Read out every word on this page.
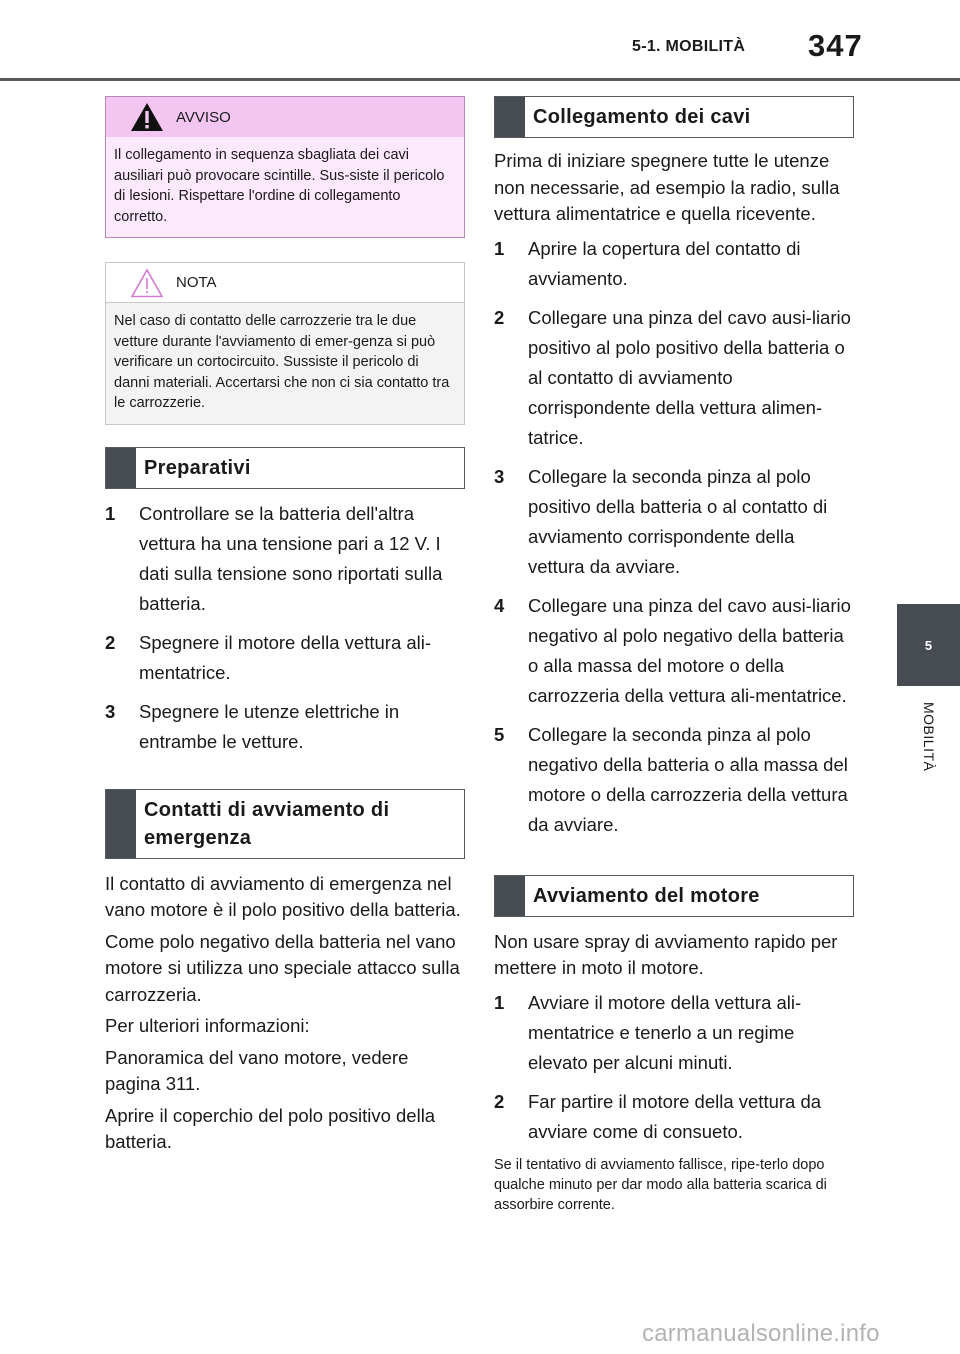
5-1. MOBILITÀ 347
5
MOBILITÀ
AVVISO
Il collegamento in sequenza sbagliata dei cavi ausiliari può provocare scintille. Sus-siste il pericolo di lesioni. Rispettare l'ordine di collegamento corretto.
NOTA
Nel caso di contatto delle carrozzerie tra le due vetture durante l'avviamento di emer-genza si può verificare un cortocircuito. Sussiste il pericolo di danni materiali. Accertarsi che non ci sia contatto tra le carrozzerie.
Preparativi
1	Controllare se la batteria dell'altra vettura ha una tensione pari a 12 V. I dati sulla tensione sono riportati sulla batteria.
2	Spegnere il motore della vettura ali-mentatrice.
3	Spegnere le utenze elettriche in entrambe le vetture.
Contatti di avviamento di emergenza

Il contatto di avviamento di emergenza nel vano motore è il polo positivo della batteria.

Come polo negativo della batteria nel vano motore si utilizza uno speciale attacco sulla carrozzeria.

Per ulteriori informazioni:

Panoramica del vano motore, vedere pagina 311.

Aprire il coperchio del polo positivo della batteria.

Collegamento dei cavi

Prima di iniziare spegnere tutte le utenze non necessarie, ad esempio la radio, sulla vettura alimentatrice e quella ricevente.

1	Aprire la copertura del contatto di avviamento.
2	Collegare una pinza del cavo ausi-liario positivo al polo positivo della batteria o al contatto di avviamento corrispondente della vettura alimen-tatrice.
3	Collegare la seconda pinza al polo positivo della batteria o al contatto di avviamento corrispondente della vettura da avviare.
4	Collegare una pinza del cavo ausi-liario negativo al polo negativo della batteria o alla massa del motore o della carrozzeria della vettura ali-mentatrice.
5	Collegare la seconda pinza al polo negativo della batteria o alla massa del motore o della carrozzeria della vettura da avviare.
Avviamento del motore

Non usare spray di avviamento rapido per mettere in moto il motore.

1	Avviare il motore della vettura ali-mentatrice e tenerlo a un regime elevato per alcuni minuti.
2	Far partire il motore della vettura da avviare come di consueto.

Se il tentativo di avviamento fallisce, ripe-terlo dopo qualche minuto per dar modo alla batteria scarica di assorbire corrente.

carmanualsonline.info
